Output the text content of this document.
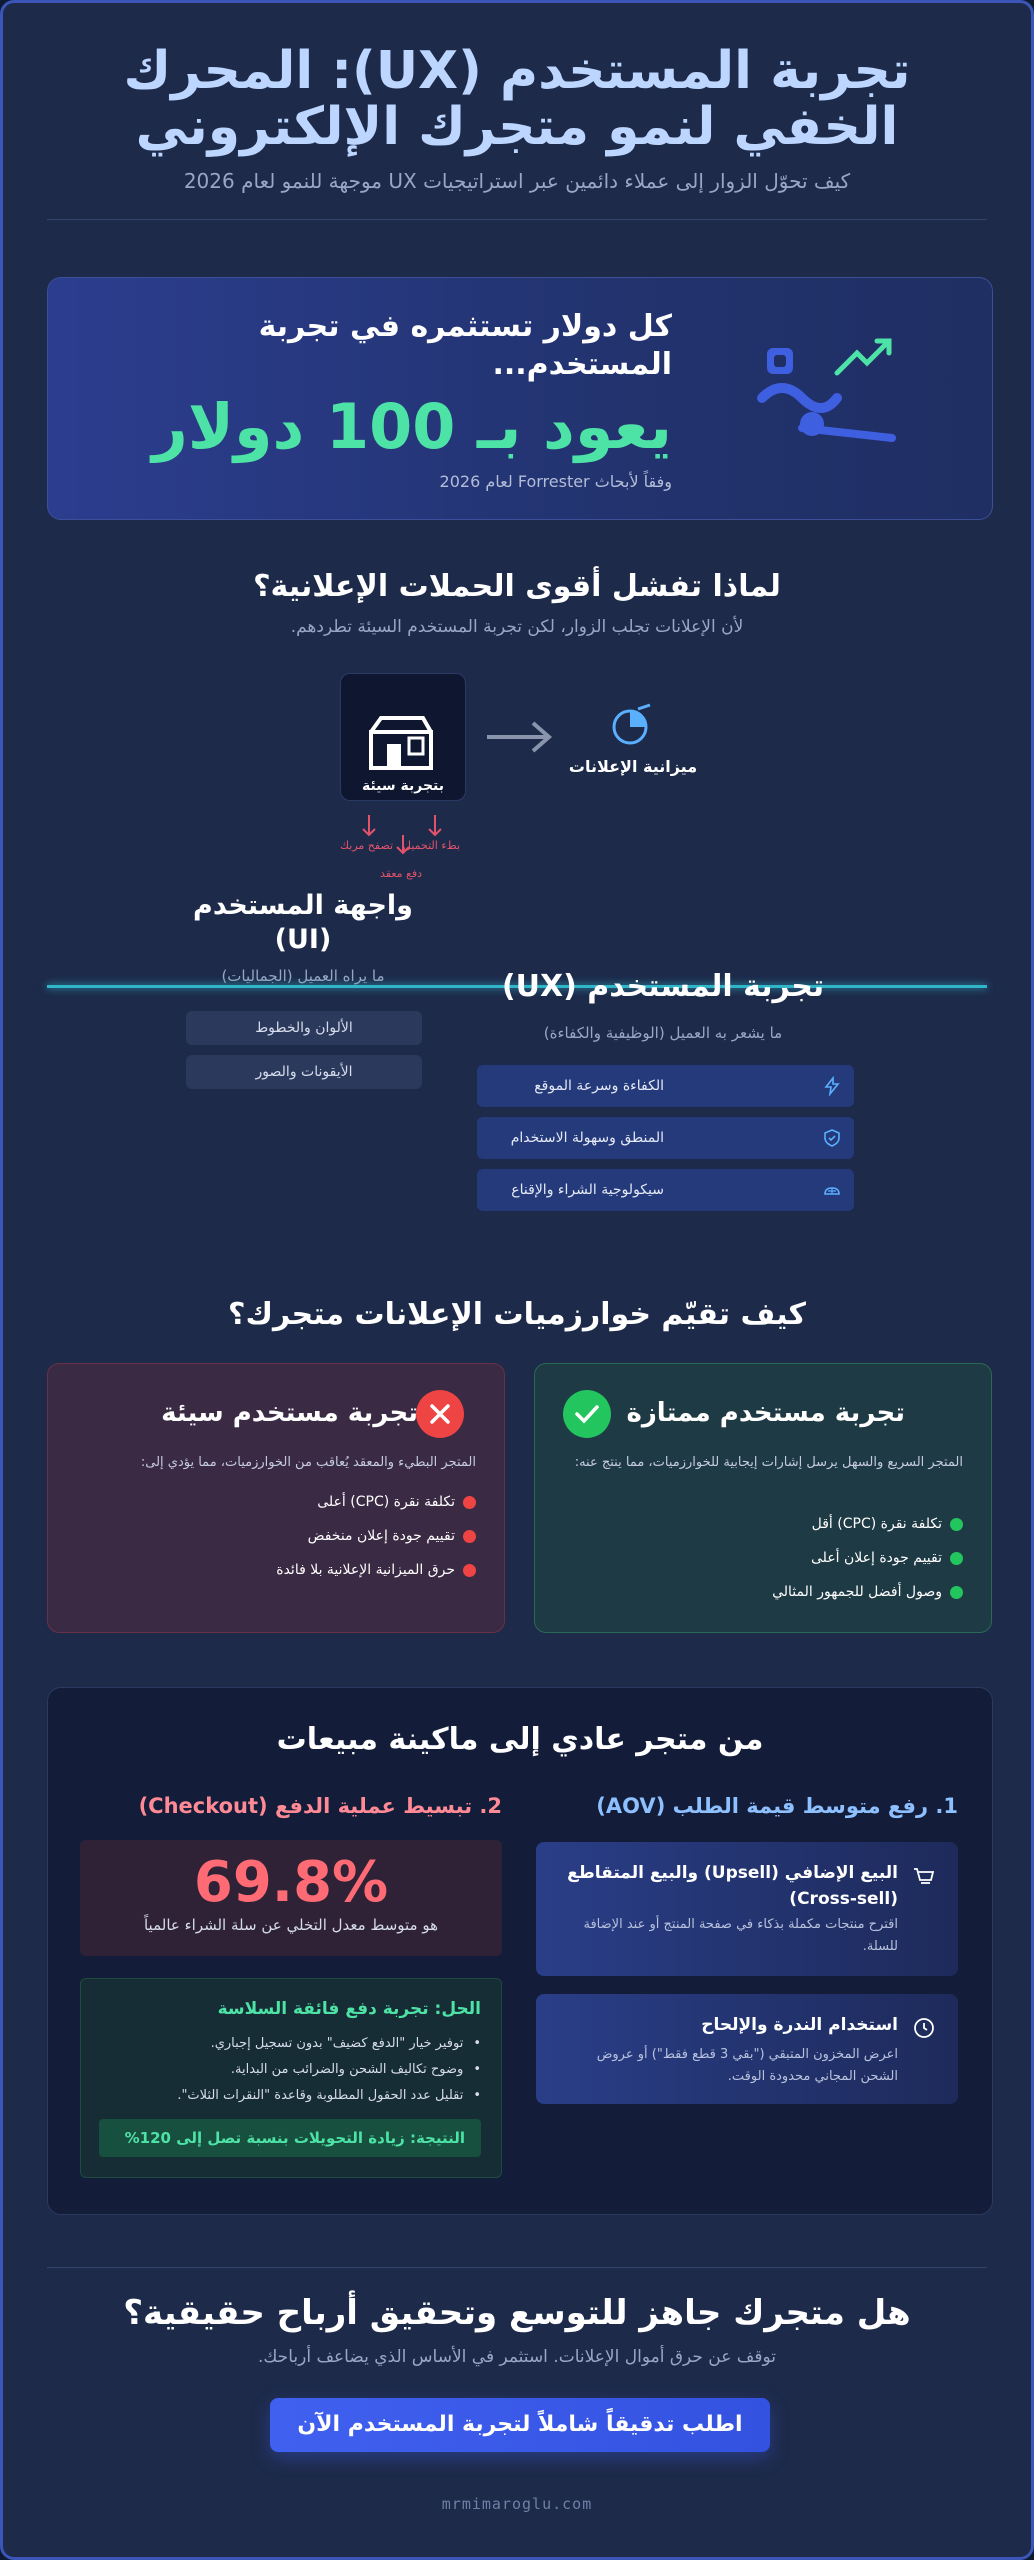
تجربة المستخدم (UX): المحرك الخفي لنمو متجرك الإلكتروني

كيف تحوّل الزوار إلى عملاء دائمين عبر استراتيجيات UX موجهة للنمو لعام 2026

كل دولار تستثمره في تجربة المستخدم...
يعود بـ 100 دولار
وفقاً لأبحاث Forrester لعام 2026
لماذا تفشل أقوى الحملات الإعلانية؟
لأن الإعلانات تجلب الزوار، لكن تجربة المستخدم السيئة تطردهم.
بتجربة سيئة
ميزانية الإعلانات
بطء التحميل
تصفح مربك
دفع معقد
واجهة المستخدم (UI)
ما يراه العميل (الجماليات)
الألوان والخطوط
الأيقونات والصور
تجربة المستخدم (UX)
ما يشعر به العميل (الوظيفية والكفاءة)
الكفاءة وسرعة الموقع
المنطق وسهولة الاستخدام
سيكولوجية الشراء والإقناع
كيف تقيّم خوارزميات الإعلانات متجرك؟
تجربة مستخدم ممتازة
المتجر السريع والسهل يرسل إشارات إيجابية للخوارزميات، مما ينتج عنه:
تكلفة نقرة (CPC) أقل
تقييم جودة إعلان أعلى
وصول أفضل للجمهور المثالي
تجربة مستخدم سيئة
المتجر البطيء والمعقد يُعاقب من الخوارزميات، مما يؤدي إلى:
تكلفة نقرة (CPC) أعلى
تقييم جودة إعلان منخفض
حرق الميزانية الإعلانية بلا فائدة
من متجر عادي إلى ماكينة مبيعات
1. رفع متوسط قيمة الطلب (AOV)
2. تبسيط عملية الدفع (Checkout)
البيع الإضافي (Upsell) والبيع المتقاطع (Cross-sell)
اقترح منتجات مكملة بذكاء في صفحة المنتج أو عند الإضافة للسلة.
استخدام الندرة والإلحاح
اعرض المخزون المتبقي ("بقي 3 قطع فقط") أو عروض الشحن المجاني محدودة الوقت.
69.8%
هو متوسط معدل التخلي عن سلة الشراء عالمياً
الحل: تجربة دفع فائقة السلاسة
• توفير خيار "الدفع كضيف" بدون تسجيل إجباري.
• وضوح تكاليف الشحن والضرائب من البداية.
• تقليل عدد الحقول المطلوبة وقاعدة "النقرات الثلاث".
النتيجة: زيادة التحويلات بنسبة تصل إلى 120%
هل متجرك جاهز للتوسع وتحقيق أرباح حقيقية؟
توقف عن حرق أموال الإعلانات. استثمر في الأساس الذي يضاعف أرباحك.
اطلب تدقيقاً شاملاً لتجربة المستخدم الآن
mrmimaroglu.com
